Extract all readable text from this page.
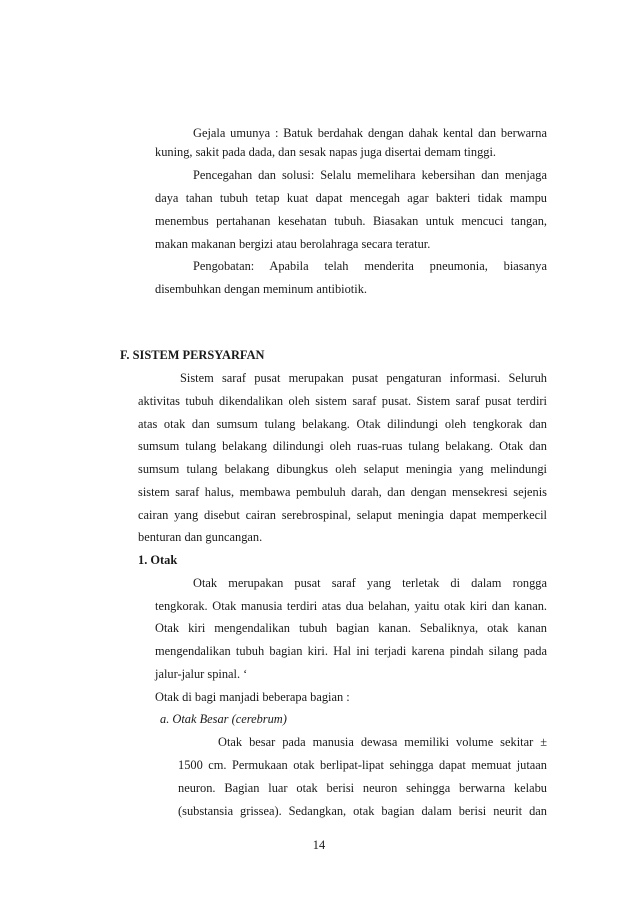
Gejala umunya : Batuk berdahak dengan dahak kental dan berwarna
kuning, sakit pada dada, dan sesak napas juga disertai demam tinggi.
Pencegahan dan solusi: Selalu memelihara kebersihan dan menjaga
daya tahan tubuh tetap kuat dapat mencegah agar bakteri tidak mampu
menembus pertahanan kesehatan tubuh. Biasakan untuk mencuci tangan,
makan makanan bergizi atau berolahraga secara teratur.
Pengobatan: Apabila telah menderita pneumonia, biasanya
disembuhkan dengan meminum antibiotik.
F. SISTEM PERSYARFAN
Sistem saraf pusat merupakan pusat pengaturan informasi. Seluruh
aktivitas tubuh dikendalikan oleh sistem saraf pusat. Sistem saraf pusat terdiri
atas otak dan sumsum tulang belakang. Otak dilindungi oleh tengkorak dan
sumsum tulang belakang dilindungi oleh ruas-ruas tulang belakang. Otak dan
sumsum tulang belakang dibungkus oleh selaput meningia yang melindungi
sistem saraf halus, membawa pembuluh darah, dan dengan mensekresi sejenis
cairan yang disebut cairan serebrospinal, selaput meningia dapat memperkecil
benturan dan guncangan.
1. Otak
Otak merupakan pusat saraf yang terletak di dalam rongga
tengkorak. Otak manusia terdiri atas dua belahan, yaitu otak kiri dan kanan.
Otak kiri mengendalikan tubuh bagian kanan. Sebaliknya, otak kanan
mengendalikan tubuh bagian kiri. Hal ini terjadi karena pindah silang pada
jalur-jalur spinal. ‘
Otak di bagi manjadi beberapa bagian :
a. Otak Besar (cerebrum)
Otak besar pada manusia dewasa memiliki volume sekitar ±
1500 cm. Permukaan otak berlipat-lipat sehingga dapat memuat jutaan
neuron. Bagian luar otak berisi neuron sehingga berwarna kelabu
(substansia grissea). Sedangkan, otak bagian dalam berisi neurit dan
14
